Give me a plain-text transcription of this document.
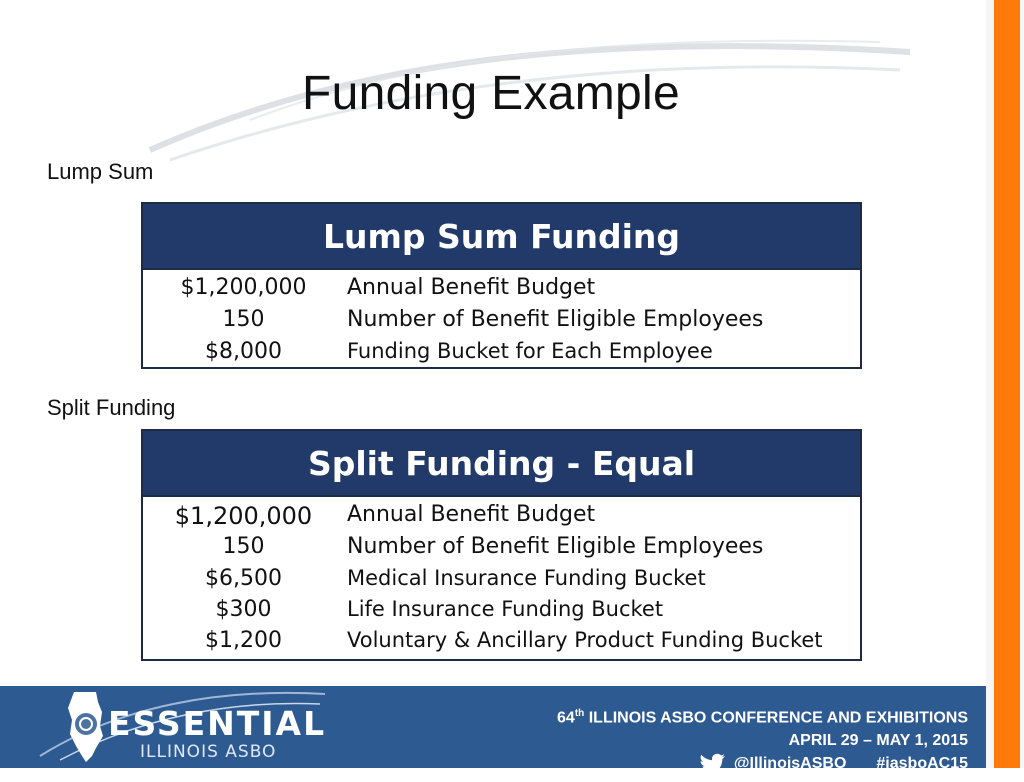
Funding Example
Lump Sum
Lump Sum Funding
$1,200,000	Annual Benefit Budget
150	Number of Benefit Eligible Employees
$8,000	Funding Bucket for Each Employee
Split Funding
Split Funding - Equal
$1,200,000	Annual Benefit Budget
150	Number of Benefit Eligible Employees
$6,500	Medical Insurance Funding Bucket
$300	Life Insurance Funding Bucket
$1,200	Voluntary & Ancillary Product Funding Bucket
ESSENTIAL
ILLINOIS ASBO
64th ILLINOIS ASBO CONFERENCE AND EXHIBITIONS
APRIL 29 – MAY 1, 2015
@IllinoisASBO #iasboAC15
